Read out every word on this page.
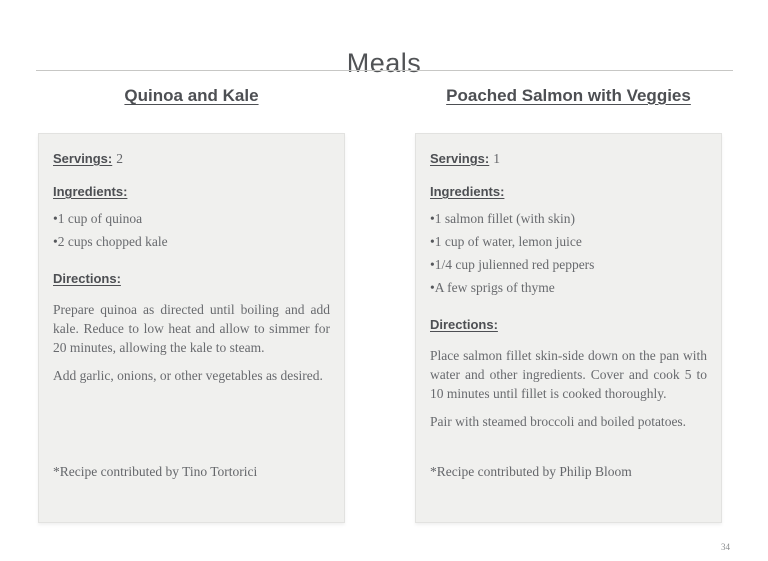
Meals
Quinoa and Kale
Servings: 2
Ingredients:
• 1 cup of quinoa
• 2 cups chopped kale
Directions:

Prepare quinoa as directed until boiling and add kale. Reduce to low heat and allow to simmer for 20 minutes, allowing the kale to steam.

Add garlic, onions, or other vegetables as desired.

*Recipe contributed by Tino Tortorici
Poached Salmon with Veggies
Servings: 1
Ingredients:
• 1 salmon fillet (with skin)
• 1 cup of water, lemon juice
• 1/4 cup julienned red peppers
• A few sprigs of thyme
Directions:

Place salmon fillet skin-side down on the pan with water and other ingredients. Cover and cook 5 to 10 minutes until fillet is cooked thoroughly.

Pair with steamed broccoli and boiled potatoes.

*Recipe contributed by Philip Bloom
34
